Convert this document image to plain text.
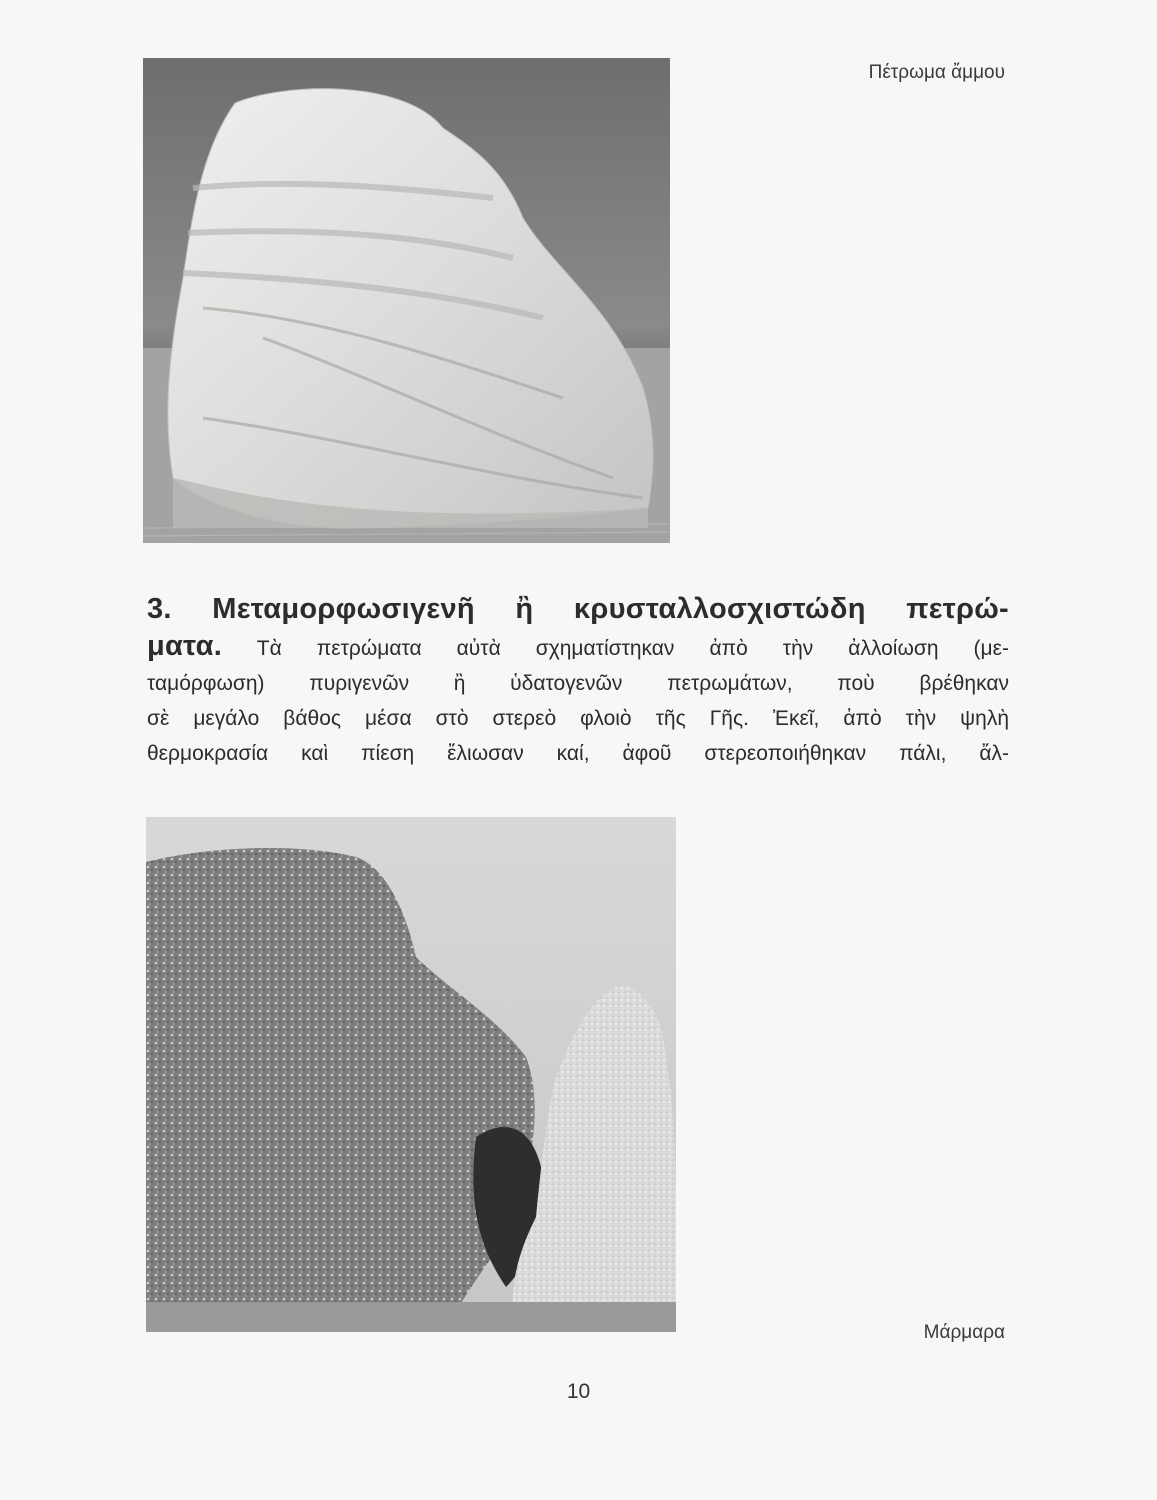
Πέτρωμα ἄμμου
3. Μεταμορφωσιγενῆ ἢ κρυσταλλοσχιστώδη πετρώ-
ματα. Τὰ πετρώματα αὐτὰ σχηματίστηκαν ἀπὸ τὴν ἀλλοίωση (με-
ταμόρφωση) πυριγενῶν ἢ ὑδατογενῶν πετρωμάτων, ποὺ βρέθηκαν
σὲ μεγάλο βάθος μέσα στὸ στερεὸ φλοιὸ τῆς Γῆς. Ἐκεῖ, ἀπὸ τὴν ψηλὴ
θερμοκρασία καὶ πίεση ἔλιωσαν καί, ἀφοῦ στερεοποιήθηκαν πάλι, ἄλ-
Μάρμαρα
10
